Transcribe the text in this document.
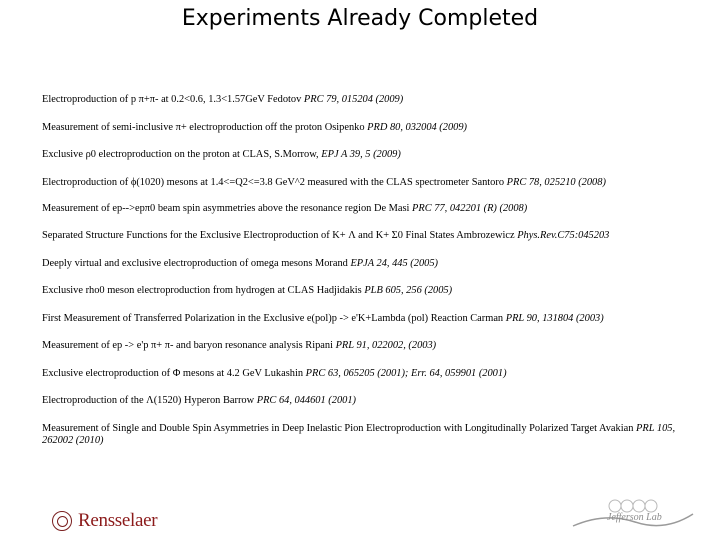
Experiments Already Completed
Electroproduction of p π+π- at 0.2<0.6, 1.3<1.57GeV Fedotov PRC 79, 015204 (2009)
Measurement of semi-inclusive π+ electroproduction off the proton Osipenko PRD 80, 032004 (2009)
Exclusive ρ0 electroproduction on the proton at CLAS, S.Morrow, EPJ A 39, 5 (2009)
Electroproduction of ϕ(1020) mesons at 1.4<=Q2<=3.8 GeV^2 measured with the CLAS spectrometer Santoro PRC 78, 025210 (2008)
Measurement of ep-->epπ0 beam spin asymmetries above the resonance region De Masi PRC 77, 042201 (R) (2008)
Separated Structure Functions for the Exclusive Electroproduction of K+ Λ and K+ Σ0 Final States Ambrozewicz Phys.Rev.C75:045203
Deeply virtual and exclusive electroproduction of omega mesons Morand EPJA 24, 445 (2005)
Exclusive rho0 meson electroproduction from hydrogen at CLAS Hadjidakis PLB 605, 256 (2005)
First Measurement of Transferred Polarization in the Exclusive e(pol)p -> e'K+Lambda (pol) Reaction Carman PRL 90, 131804 (2003)
Measurement of ep -> e'p π+ π- and baryon resonance analysis Ripani PRL 91, 022002, (2003)
Exclusive electroproduction of Φ mesons at 4.2 GeV Lukashin PRC 63, 065205 (2001); Err. 64, 059901 (2001)
Electroproduction of the Λ(1520) Hyperon Barrow PRC 64, 044601 (2001)
Measurement of Single and Double Spin Asymmetries in Deep Inelastic Pion Electroproduction with Longitudinally Polarized Target Avakian PRL 105, 262002 (2010)
Rensselaer	Jefferson Lab
